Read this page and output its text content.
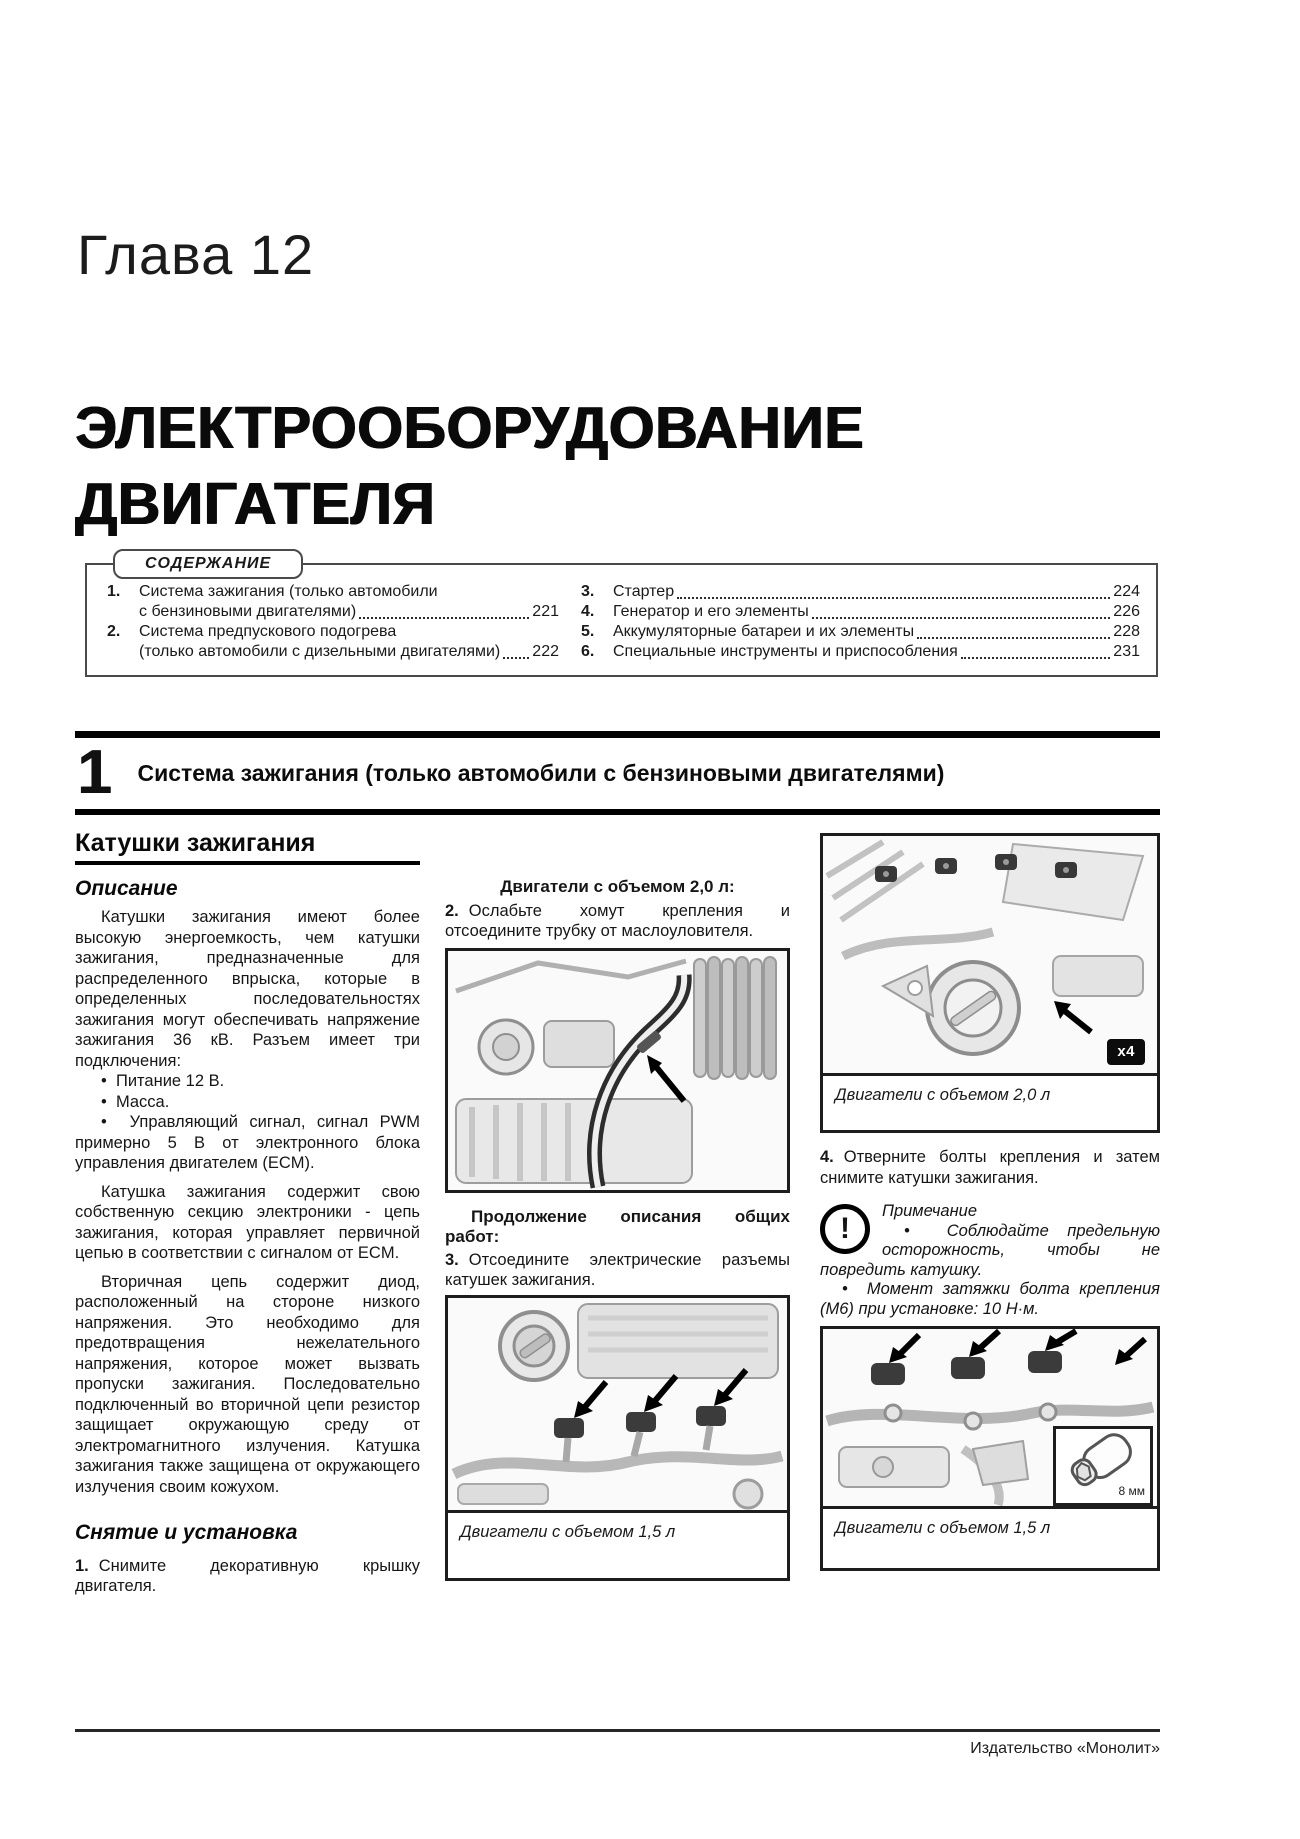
Глава 12
ЭЛЕКТРООБОРУДОВАНИЕ
ДВИГАТЕЛЯ
СОДЕРЖАНИЕ
1.	Система зажигания (только автомобили
с бензиновыми двигателями)	221
2.	Система предпускового подогрева
(только автомобили с дизельными двигателями) 222
3.	Стартер	224
4.	Генератор и его элементы	226
5.	Аккумуляторные батареи и их элементы	228
6.	Специальные инструменты и приспособления	231
1 Система зажигания (только автомобили с бензиновыми двигателями)
Катушки зажигания
Описание

Катушки зажигания имеют более высокую энергоемкость, чем катушки зажигания, предназначенные для распределенного впрыска, которые в определенных последовательностях зажигания могут обеспечивать напряжение зажигания 36 кВ. Разъем имеет три подключения:

•  Питание 12 В.

•  Масса.

•  Управляющий сигнал, сигнал PWM примерно 5 В от электронного блока управления двигателем (ECM).

Катушка зажигания содержит свою собственную секцию электроники - цепь зажигания, которая управляет первичной цепью в соответствии с сигналом от ECM.

Вторичная цепь содержит диод, расположенный на стороне низкого напряжения. Это необходимо для предотвращения нежелательного напряжения, которое может вызвать пропуски зажигания. Последовательно подключенный во вторичной цепи резистор защищает окружающую среду от электромагнитного излучения. Катушка зажигания также защищена от окружающего излучения своим кожухом.

Снятие и установка

1. Снимите декоративную крышку двигателя.

Двигатели с объемом 2,0 л:

2. Ослабьте хомут крепления и отсоедините трубку от маслоуловителя.

Продолжение описания общих работ:

3. Отсоедините электрические разъемы катушек зажигания.

Двигатели с объемом 1,5 л
x4
Двигатели с объемом 2,0 л

4. Отверните болты крепления и затем снимите катушки зажигания.

!
Примечание

•  Соблюдайте предельную осторожность, чтобы не повредить катушку.

•  Момент затяжки болта крепления (М6) при установке: 10 Н·м.

8 мм
Двигатели с объемом 1,5 л
Издательство «Монолит»
